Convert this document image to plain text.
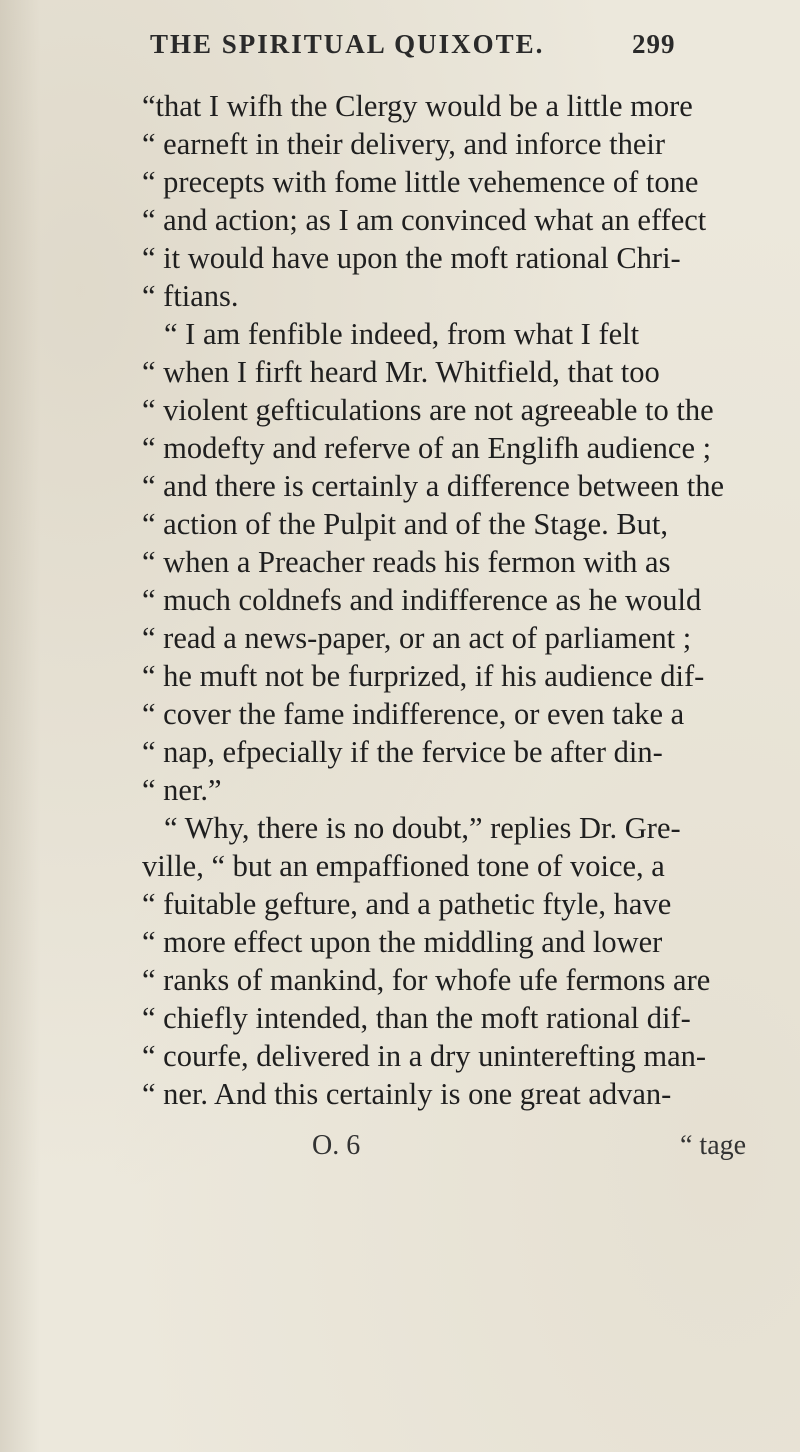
THE SPIRITUAL QUIXOTE.	299
“that I wifh the Clergy would be a little more
“ earneft in their delivery, and inforce their
“ precepts with fome little vehemence of tone
“ and action; as I am convinced what an effect
“ it would have upon the moft rational Chri-
“ ftians.
“ I am fenfible indeed, from what I felt
“ when I firft heard Mr. Whitfield, that too
“ violent gefticulations are not agreeable to the
“ modefty and referve of an Englifh audience ;
“ and there is certainly a difference between the
“ action of the Pulpit and of the Stage. But,
“ when a Preacher reads his fermon with as
“ much coldnefs and indifference as he would
“ read a news-paper, or an act of parliament ;
“ he muft not be furprized, if his audience dif-
“ cover the fame indifference, or even take a
“ nap, efpecially if the fervice be after din-
“ ner.”
“ Why, there is no doubt,” replies Dr. Gre-
ville, “ but an empaffioned tone of voice, a
“ fuitable gefture, and a pathetic ftyle, have
“ more effect upon the middling and lower
“ ranks of mankind, for whofe ufe fermons are
“ chiefly intended, than the moft rational dif-
“ courfe, delivered in a dry uninterefting man-
“ ner. And this certainly is one great advan-
O. 6	“ tage
